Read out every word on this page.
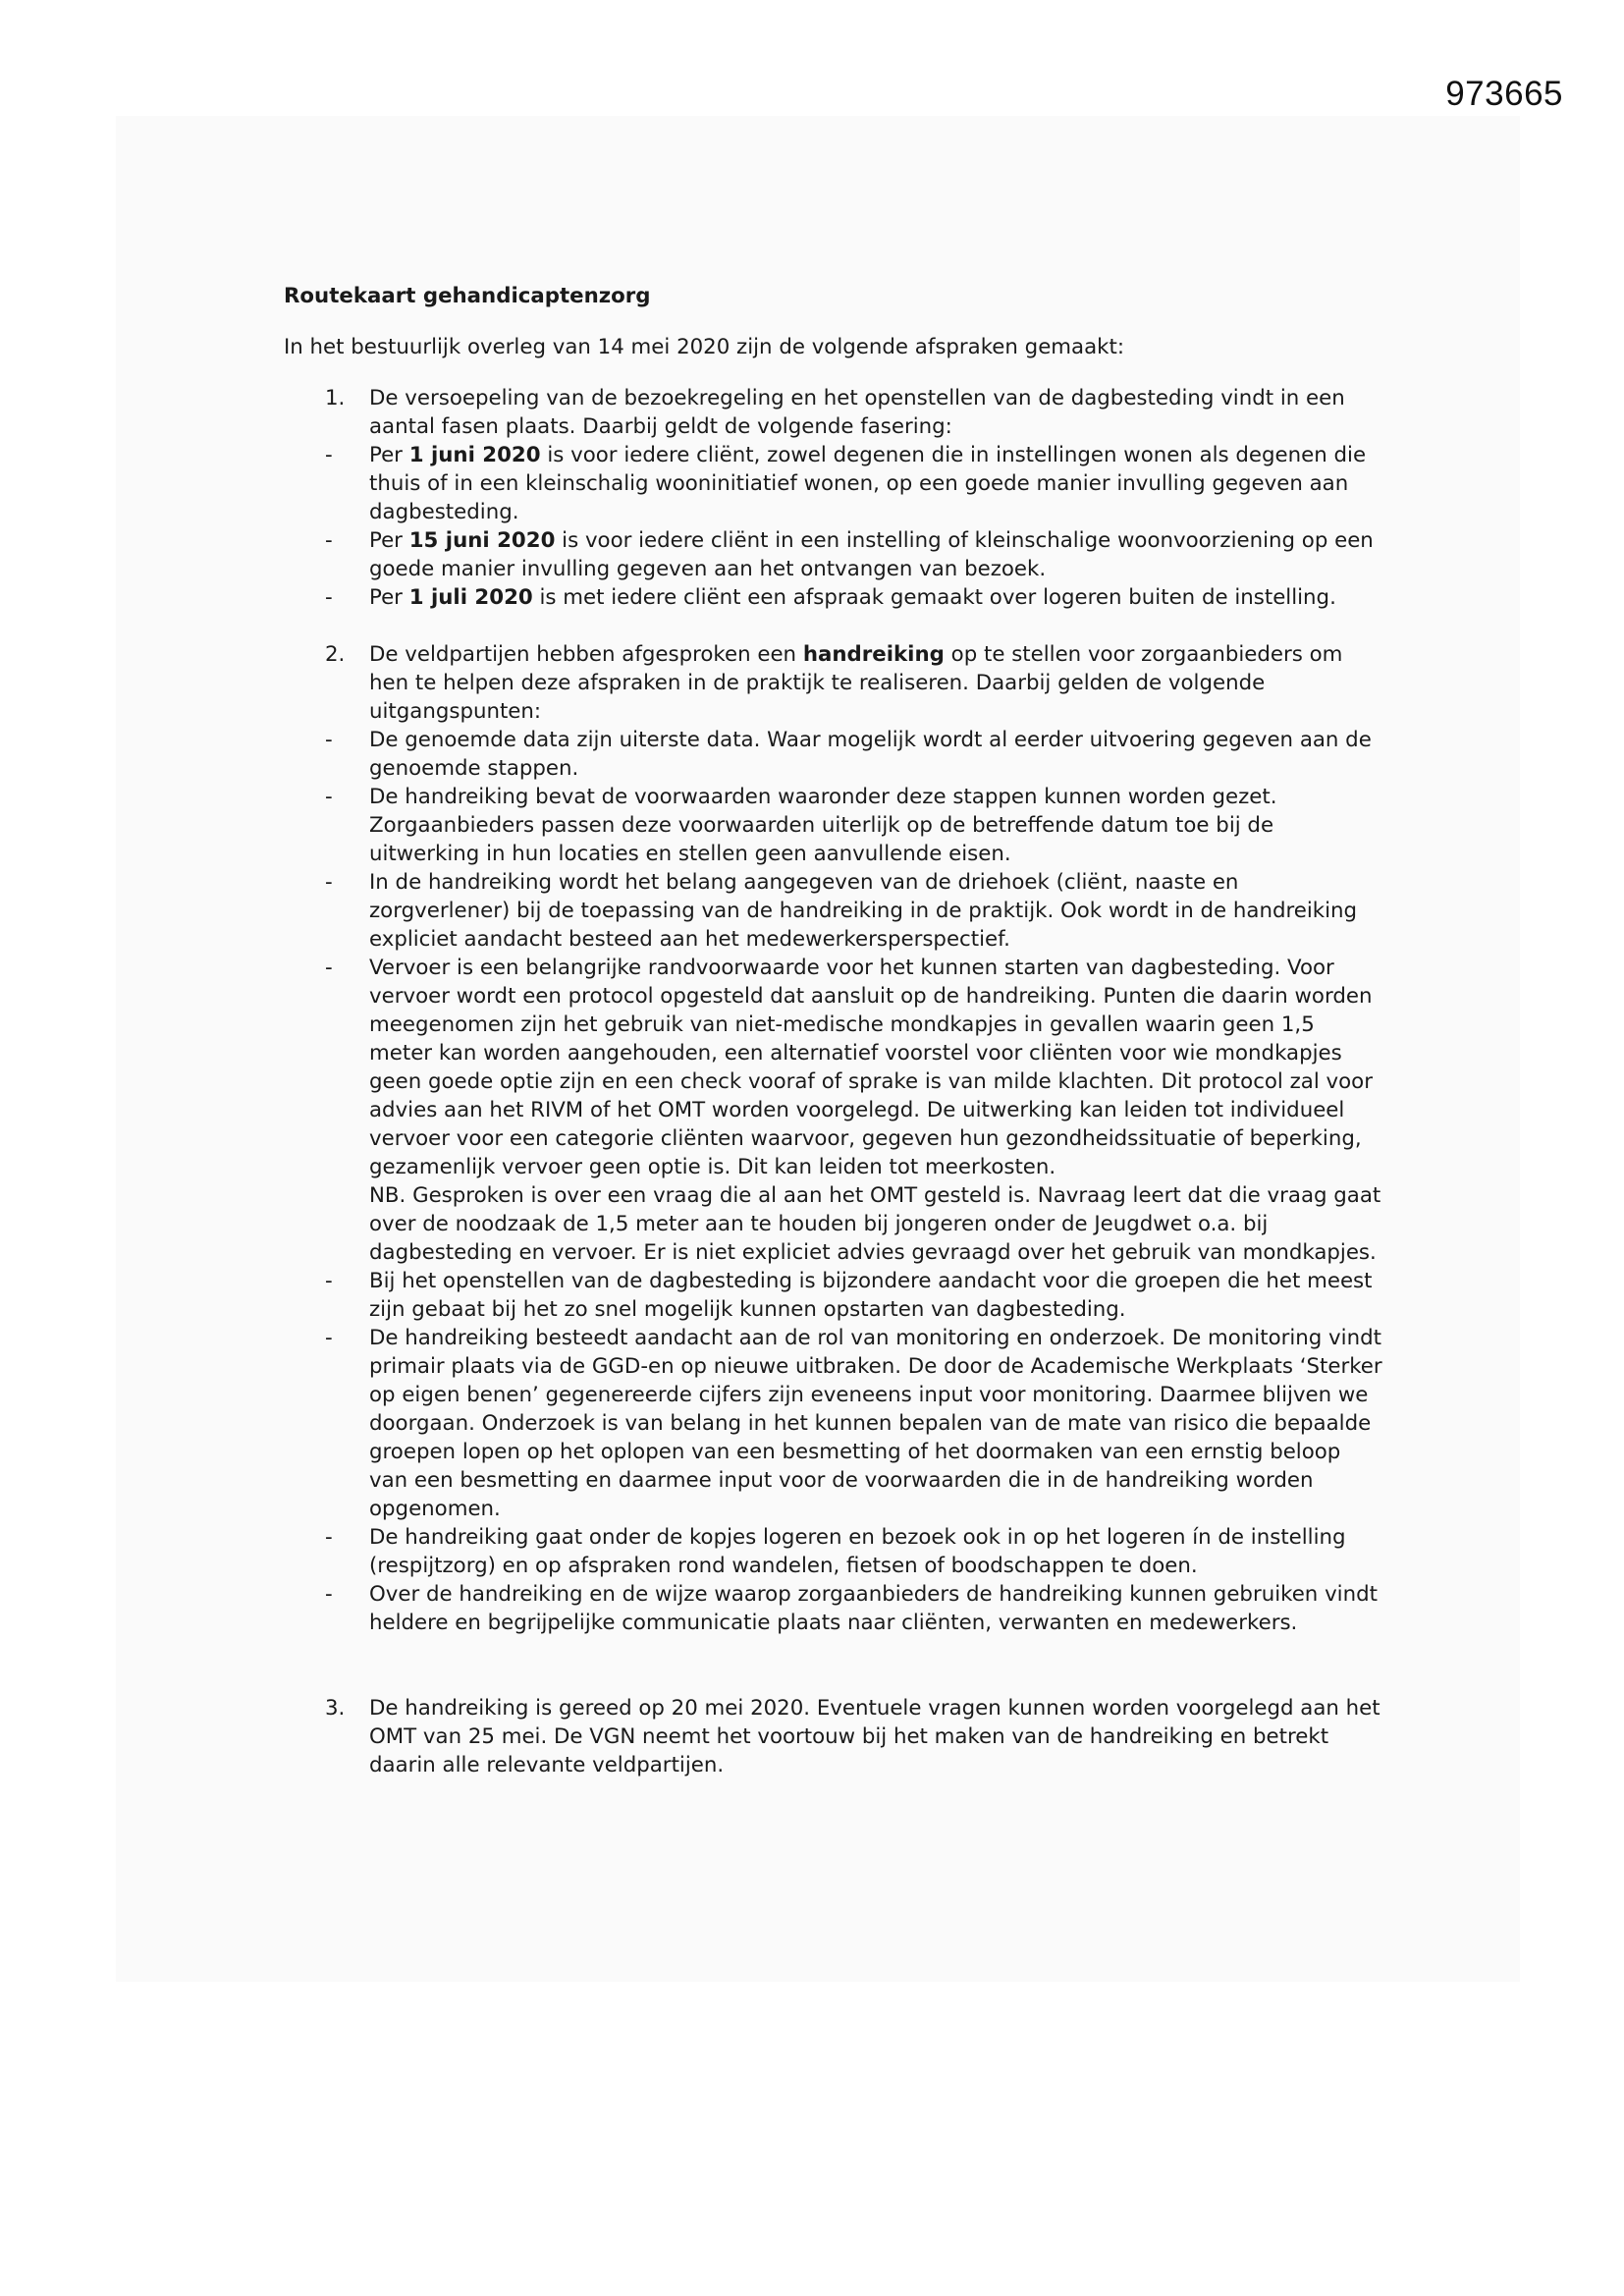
973665

Routekaart gehandicaptenzorg

In het bestuurlijk overleg van 14 mei 2020 zijn de volgende afspraken gemaakt:

1.	De versoepeling van de bezoekregeling en het openstellen van de dagbesteding vindt in een aantal fasen plaats. Daarbij geldt de volgende fasering:
-	Per 1 juni 2020 is voor iedere cliënt, zowel degenen die in instellingen wonen als degenen die thuis of in een kleinschalig wooninitiatief wonen, op een goede manier invulling gegeven aan dagbesteding.
-	Per 15 juni 2020 is voor iedere cliënt in een instelling of kleinschalige woonvoorziening op een goede manier invulling gegeven aan het ontvangen van bezoek.
-	Per 1 juli 2020 is met iedere cliënt een afspraak gemaakt over logeren buiten de instelling.
2.	De veldpartijen hebben afgesproken een handreiking op te stellen voor zorgaanbieders om hen te helpen deze afspraken in de praktijk te realiseren. Daarbij gelden de volgende uitgangspunten:
-	De genoemde data zijn uiterste data. Waar mogelijk wordt al eerder uitvoering gegeven aan de genoemde stappen.
-	De handreiking bevat de voorwaarden waaronder deze stappen kunnen worden gezet. Zorgaanbieders passen deze voorwaarden uiterlijk op de betreffende datum toe bij de uitwerking in hun locaties en stellen geen aanvullende eisen.
-	In de handreiking wordt het belang aangegeven van de driehoek (cliënt, naaste en zorgverlener) bij de toepassing van de handreiking in de praktijk. Ook wordt in de handreiking expliciet aandacht besteed aan het medewerkersperspectief.
-	Vervoer is een belangrijke randvoorwaarde voor het kunnen starten van dagbesteding. Voor vervoer wordt een protocol opgesteld dat aansluit op de handreiking. Punten die daarin worden meegenomen zijn het gebruik van niet-medische mondkapjes in gevallen waarin geen 1,5 meter kan worden aangehouden, een alternatief voorstel voor cliënten voor wie mondkapjes geen goede optie zijn en een check vooraf of sprake is van milde klachten. Dit protocol zal voor advies aan het RIVM of het OMT worden voorgelegd. De uitwerking kan leiden tot individueel vervoer voor een categorie cliënten waarvoor, gegeven hun gezondheidssituatie of beperking, gezamenlijk vervoer geen optie is. Dit kan leiden tot meerkosten.
NB. Gesproken is over een vraag die al aan het OMT gesteld is. Navraag leert dat die vraag gaat over de noodzaak de 1,5 meter aan te houden bij jongeren onder de Jeugdwet o.a. bij dagbesteding en vervoer. Er is niet expliciet advies gevraagd over het gebruik van mondkapjes.
-	Bij het openstellen van de dagbesteding is bijzondere aandacht voor die groepen die het meest zijn gebaat bij het zo snel mogelijk kunnen opstarten van dagbesteding.
-	De handreiking besteedt aandacht aan de rol van monitoring en onderzoek. De monitoring vindt primair plaats via de GGD-en op nieuwe uitbraken. De door de Academische Werkplaats ‘Sterker op eigen benen’ gegenereerde cijfers zijn eveneens input voor monitoring. Daarmee blijven we doorgaan. Onderzoek is van belang in het kunnen bepalen van de mate van risico die bepaalde groepen lopen op het oplopen van een besmetting of het doormaken van een ernstig beloop van een besmetting en daarmee input voor de voorwaarden die in de handreiking worden opgenomen.
-	De handreiking gaat onder de kopjes logeren en bezoek ook in op het logeren ín de instelling (respijtzorg) en op afspraken rond wandelen, fietsen of boodschappen te doen.
-	Over de handreiking en de wijze waarop zorgaanbieders de handreiking kunnen gebruiken vindt heldere en begrijpelijke communicatie plaats naar cliënten, verwanten en medewerkers.
3.	De handreiking is gereed op 20 mei 2020. Eventuele vragen kunnen worden voorgelegd aan het OMT van 25 mei. De VGN neemt het voortouw bij het maken van de handreiking en betrekt daarin alle relevante veldpartijen.
